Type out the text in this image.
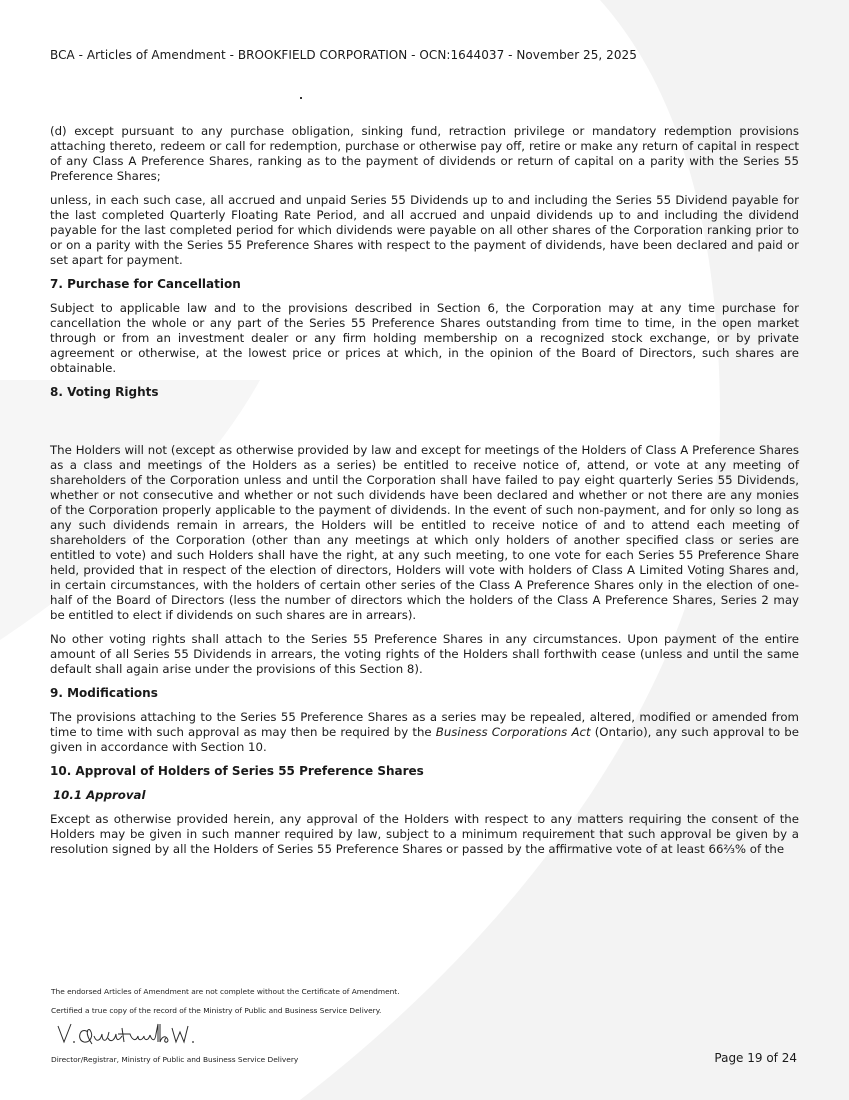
BCA - Articles of Amendment - BROOKFIELD CORPORATION - OCN:1644037 - November 25, 2025

(d) except pursuant to any purchase obligation, sinking fund, retraction privilege or mandatory redemption provisions attaching thereto, redeem or call for redemption, purchase or otherwise pay off, retire or make any return of capital in respect of any Class A Preference Shares, ranking as to the payment of dividends or return of capital on a parity with the Series 55 Preference Shares;

unless, in each such case, all accrued and unpaid Series 55 Dividends up to and including the Series 55 Dividend payable for the last completed Quarterly Floating Rate Period, and all accrued and unpaid dividends up to and including the dividend payable for the last completed period for which dividends were payable on all other shares of the Corporation ranking prior to or on a parity with the Series 55 Preference Shares with respect to the payment of dividends, have been declared and paid or set apart for payment.

7. Purchase for Cancellation

Subject to applicable law and to the provisions described in Section 6, the Corporation may at any time purchase for cancellation the whole or any part of the Series 55 Preference Shares outstanding from time to time, in the open market through or from an investment dealer or any firm holding membership on a recognized stock exchange, or by private agreement or otherwise, at the lowest price or prices at which, in the opinion of the Board of Directors, such shares are obtainable.

8. Voting Rights

The Holders will not (except as otherwise provided by law and except for meetings of the Holders of Class A Preference Shares as a class and meetings of the Holders as a series) be entitled to receive notice of, attend, or vote at any meeting of shareholders of the Corporation unless and until the Corporation shall have failed to pay eight quarterly Series 55 Dividends, whether or not consecutive and whether or not such dividends have been declared and whether or not there are any monies of the Corporation properly applicable to the payment of dividends. In the event of such non-payment, and for only so long as any such dividends remain in arrears, the Holders will be entitled to receive notice of and to attend each meeting of shareholders of the Corporation (other than any meetings at which only holders of another specified class or series are entitled to vote) and such Holders shall have the right, at any such meeting, to one vote for each Series 55 Preference Share held, provided that in respect of the election of directors, Holders will vote with holders of Class A Limited Voting Shares and, in certain circumstances, with the holders of certain other series of the Class A Preference Shares only in the election of one-half of the Board of Directors (less the number of directors which the holders of the Class A Preference Shares, Series 2 may be entitled to elect if dividends on such shares are in arrears).

No other voting rights shall attach to the Series 55 Preference Shares in any circumstances. Upon payment of the entire amount of all Series 55 Dividends in arrears, the voting rights of the Holders shall forthwith cease (unless and until the same default shall again arise under the provisions of this Section 8).

9. Modifications

The provisions attaching to the Series 55 Preference Shares as a series may be repealed, altered, modified or amended from time to time with such approval as may then be required by the Business Corporations Act (Ontario), any such approval to be given in accordance with Section 10.

10. Approval of Holders of Series 55 Preference Shares
10.1 Approval

Except as otherwise provided herein, any approval of the Holders with respect to any matters requiring the consent of the Holders may be given in such manner required by law, subject to a minimum requirement that such approval be given by a resolution signed by all the Holders of Series 55 Preference Shares or passed by the affirmative vote of at least 66⅔% of the

The endorsed Articles of Amendment are not complete without the Certificate of Amendment.
Certified a true copy of the record of the Ministry of Public and Business Service Delivery.
Director/Registrar, Ministry of Public and Business Service Delivery	Page 19 of 24
